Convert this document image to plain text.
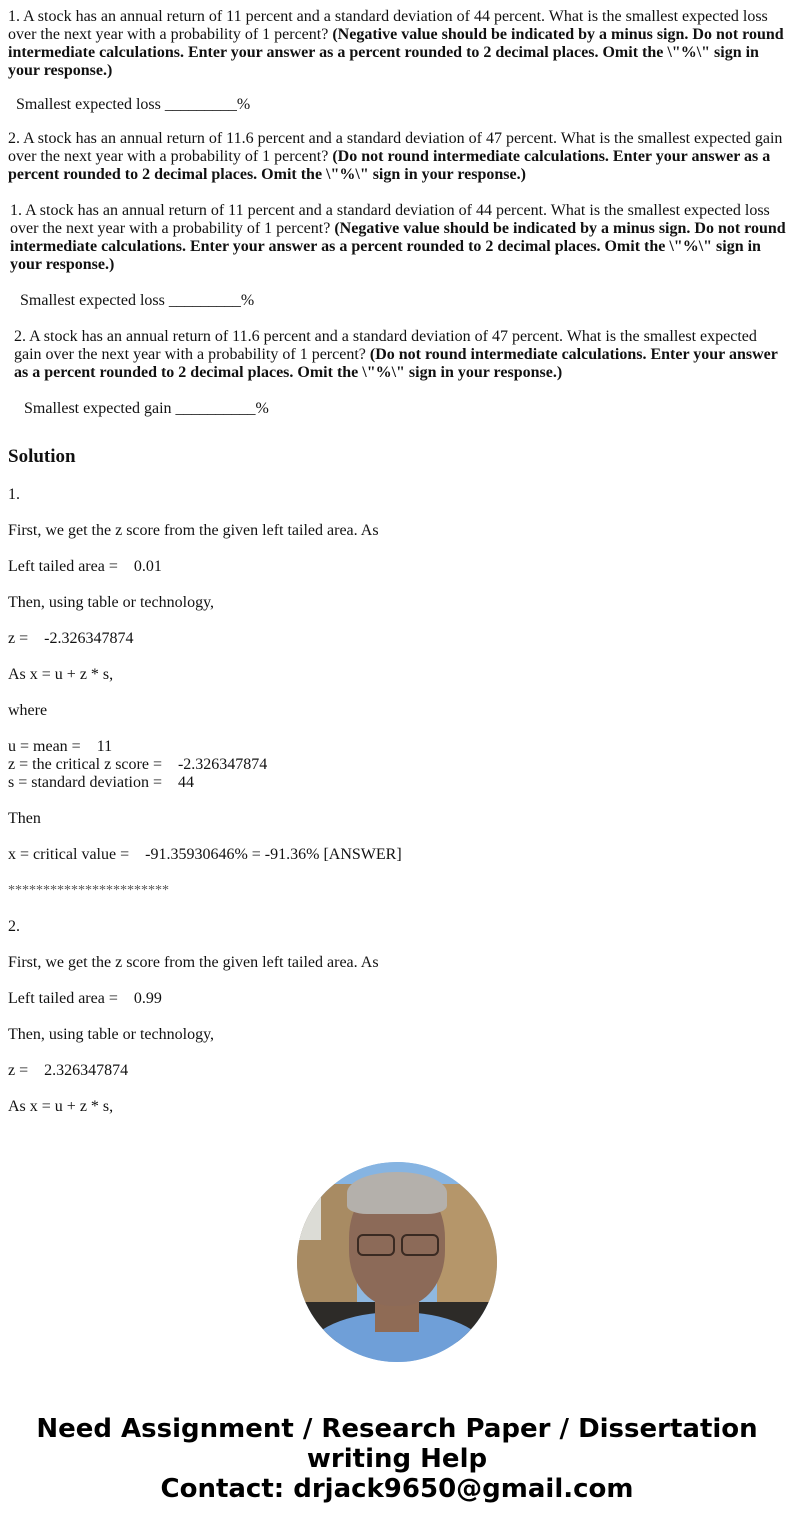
1. A stock has an annual return of 11 percent and a standard deviation of 44 percent. What is the smallest expected loss over the next year with a probability of 1 percent? (Negative value should be indicated by a minus sign. Do not round intermediate calculations. Enter your answer as a percent rounded to 2 decimal places. Omit the \"%\" sign in your response.)

Smallest expected loss _________%

2. A stock has an annual return of 11.6 percent and a standard deviation of 47 percent. What is the smallest expected gain over the next year with a probability of 1 percent? (Do not round intermediate calculations. Enter your answer as a percent rounded to 2 decimal places. Omit the \"%\" sign in your response.)

1. A stock has an annual return of 11 percent and a standard deviation of 44 percent. What is the smallest expected loss over the next year with a probability of 1 percent? (Negative value should be indicated by a minus sign. Do not round intermediate calculations. Enter your answer as a percent rounded to 2 decimal places. Omit the \"%\" sign in your response.)

Smallest expected loss _________%

2. A stock has an annual return of 11.6 percent and a standard deviation of 47 percent. What is the smallest expected gain over the next year with a probability of 1 percent? (Do not round intermediate calculations. Enter your answer as a percent rounded to 2 decimal places. Omit the \"%\" sign in your response.)

Smallest expected gain __________%

Solution

1.

First, we get the z score from the given left tailed area. As

Left tailed area =    0.01

Then, using table or technology,

z =    -2.326347874

As x = u + z * s,

where

u = mean =    11

z = the critical z score =    -2.326347874

s = standard deviation =    44

Then

x = critical value =    -91.35930646% = -91.36% [ANSWER]

***********************

2.

First, we get the z score from the given left tailed area. As

Left tailed area =    0.99

Then, using table or technology,

z =    2.326347874

As x = u + z * s,

Need Assignment / Research Paper / Dissertation writing Help
Contact: drjack9650@gmail.com
